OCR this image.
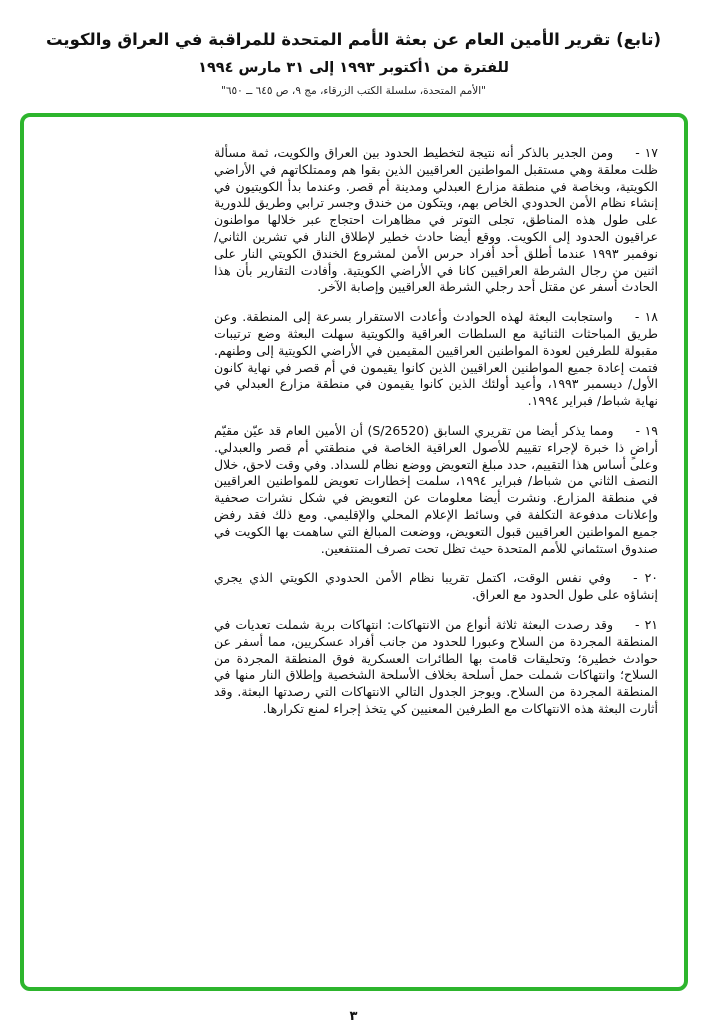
(تابع) تقرير الأمين العام عن بعثة الأمم المتحدة للمراقبة في العراق والكويت

للفترة من ١أكتوبر ١٩٩٣ إلى ٣١ مارس ١٩٩٤

"الأمم المتحدة، سلسلة الكتب الزرقاء، مج ٩، ص ٦٤٥ ــ ٦٥٠"

١٧ -ومن الجدير بالذكر أنه نتيجة لتخطيط الحدود بين العراق والكويت، ثمة مسألة ظلت معلقة وهي مستقبل المواطنين العراقيين الذين بقوا هم وممتلكاتهم في الأراضي الكويتية، وبخاصة في منطقة مزارع العبدلي ومدينة أم قصر. وعندما بدأ الكويتيون في إنشاء نظام الأمن الحدودي الخاص بهم، ويتكون من خندق وجسر ترابي وطريق للدورية على طول هذه المناطق، تجلى التوتر في مظاهرات احتجاج عبر خلالها مواطنون عراقيون الحدود إلى الكويت. ووقع أيضا حادث خطير لإطلاق النار في تشرين الثاني/ نوفمبر ١٩٩٣ عندما أطلق أحد أفراد حرس الأمن لمشروع الخندق الكويتي النار على اثنين من رجال الشرطة العراقيين كانا في الأراضي الكويتية. وأفادت التقارير بأن هذا الحادث أسفر عن مقتل أحد رجلي الشرطة العراقيين وإصابة الآخر.

١٨ -واستجابت البعثة لهذه الحوادث وأعادت الاستقرار بسرعة إلى المنطقة. وعن طريق المباحثات الثنائية مع السلطات العراقية والكويتية سهلت البعثة وضع ترتيبات مقبولة للطرفين لعودة المواطنين العراقيين المقيمين في الأراضي الكويتية إلى وطنهم. فتمت إعادة جميع المواطنين العراقيين الذين كانوا يقيمون في أم قصر في نهاية كانون الأول/ ديسمبر ١٩٩٣، وأعيد أولئك الذين كانوا يقيمون في منطقة مزارع العبدلي في نهاية شباط/ فبراير ١٩٩٤.

١٩ -ومما يذكر أيضا من تقريري السابق (S/26520) أن الأمين العام قد عيّن مقيّم أراضٍ ذا خبرة لإجراء تقييم للأصول العراقية الخاصة في منطقتي أم قصر والعبدلي. وعلى أساس هذا التقييم، حدد مبلغ التعويض ووضع نظام للسداد. وفي وقت لاحق، خلال النصف الثاني من شباط/ فبراير ١٩٩٤، سلمت إخطارات تعويض للمواطنين العراقيين في منطقة المزارع. ونشرت أيضا معلومات عن التعويض في شكل نشرات صحفية وإعلانات مدفوعة التكلفة في وسائط الإعلام المحلي والإقليمي. ومع ذلك فقد رفض جميع المواطنين العراقيين قبول التعويض، ووضعت المبالغ التي ساهمت بها الكويت في صندوق استئماني للأمم المتحدة حيث تظل تحت تصرف المنتفعين.

٢٠ -وفي نفس الوقت، اكتمل تقريبا نظام الأمن الحدودي الكويتي الذي يجري إنشاؤه على طول الحدود مع العراق.

٢١ -وقد رصدت البعثة ثلاثة أنواع من الانتهاكات: انتهاكات برية شملت تعديات في المنطقة المجردة من السلاح وعبورا للحدود من جانب أفراد عسكريين، مما أسفر عن حوادث خطيرة؛ وتحليقات قامت بها الطائرات العسكرية فوق المنطقة المجردة من السلاح؛ وانتهاكات شملت حمل أسلحة بخلاف الأسلحة الشخصية وإطلاق النار منها في المنطقة المجردة من السلاح. ويوجز الجدول التالي الانتهاكات التي رصدتها البعثة. وقد أثارت البعثة هذه الانتهاكات مع الطرفين المعنيين كي يتخذ إجراء لمنع تكرارها.

٣
